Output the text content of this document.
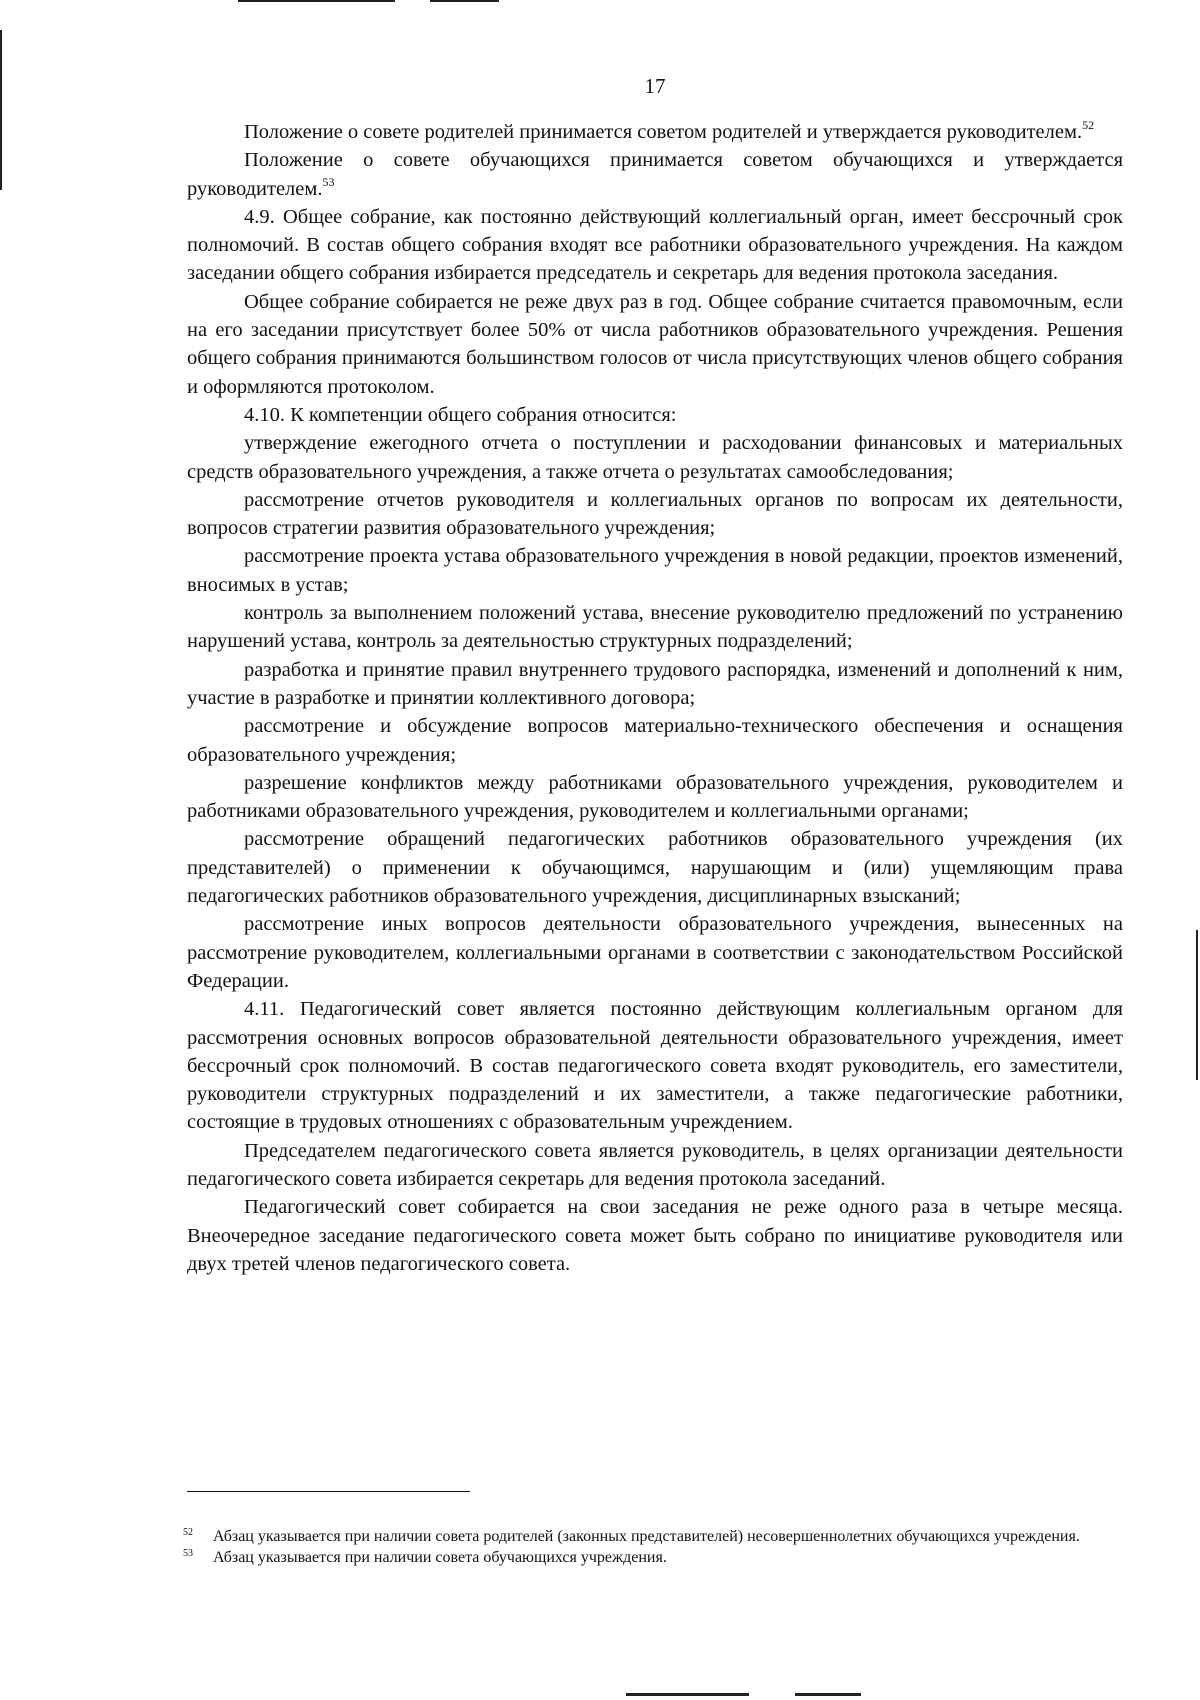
17

Положение о совете родителей принимается советом родителей и утверждается руководителем.$^{52}$

Положение о совете обучающихся принимается советом обучающихся и утверждается руководителем.$^{53}$

4.9. Общее собрание, как постоянно действующий коллегиальный орган, имеет бессрочный срок полномочий. В состав общего собрания входят все работники образовательного учреждения. На каждом заседании общего собрания избирается председатель и секретарь для ведения протокола заседания.

Общее собрание собирается не реже двух раз в год. Общее собрание считается правомочным, если на его заседании присутствует более 50% от числа работников образовательного учреждения. Решения общего собрания принимаются большинством голосов от числа присутствующих членов общего собрания и оформляются протоколом.

4.10. К компетенции общего собрания относится:

утверждение ежегодного отчета о поступлении и расходовании финансовых и материальных средств образовательного учреждения, а также отчета о результатах самообследования;

рассмотрение отчетов руководителя и коллегиальных органов по вопросам их деятельности, вопросов стратегии развития образовательного учреждения;

рассмотрение проекта устава образовательного учреждения в новой редакции, проектов изменений, вносимых в устав;

контроль за выполнением положений устава, внесение руководителю предложений по устранению нарушений устава, контроль за деятельностью структурных подразделений;

разработка и принятие правил внутреннего трудового распорядка, изменений и дополнений к ним, участие в разработке и принятии коллективного договора;

рассмотрение и обсуждение вопросов материально-технического обеспечения и оснащения образовательного учреждения;

разрешение конфликтов между работниками образовательного учреждения, руководителем и работниками образовательного учреждения, руководителем и коллегиальными органами;

рассмотрение обращений педагогических работников образовательного учреждения (их представителей) о применении к обучающимся, нарушающим и (или) ущемляющим права педагогических работников образовательного учреждения, дисциплинарных взысканий;

рассмотрение иных вопросов деятельности образовательного учреждения, вынесенных на рассмотрение руководителем, коллегиальными органами в соответствии с законодательством Российской Федерации.

4.11. Педагогический совет является постоянно действующим коллегиальным органом для рассмотрения основных вопросов образовательной деятельности образовательного учреждения, имеет бессрочный срок полномочий. В состав педагогического совета входят руководитель, его заместители, руководители структурных подразделений и их заместители, а также педагогические работники, состоящие в трудовых отношениях с образовательным учреждением.

Председателем педагогического совета является руководитель, в целях организации деятельности педагогического совета избирается секретарь для ведения протокола заседаний.

Педагогический совет собирается на свои заседания не реже одного раза в четыре месяца. Внеочередное заседание педагогического совета может быть собрано по инициативе руководителя или двух третей членов педагогического совета.

52	Абзац указывается при наличии совета родителей (законных представителей) несовершеннолетних обучающихся учреждения.
53	Абзац указывается при наличии совета обучающихся учреждения.
